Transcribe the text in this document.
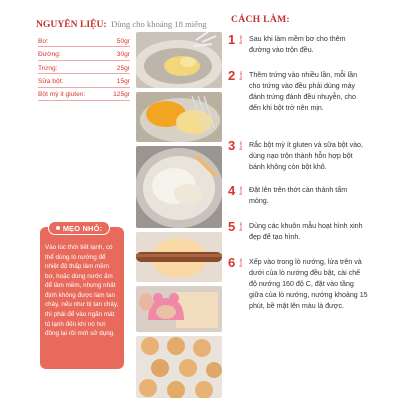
NGUYÊN LIỆU: Dùng cho khoảng 18 miếng
Bơ:	50gr
Đường:	30gr
Trứng:	25gr
Sữa bột:	15gr
Bột mỳ it gluten:	125gr
MẸO NHỎ:
Vào lúc thời tiết lạnh, có thể dùng lò nướng để nhiệt độ thấp làm mềm bơ, hoặc dùng nước ấm để làm mềm, nhưng nhất định không được làm tan chảy, nếu như bị tan chảy, thì phải để vào ngăn mát tủ lạnh đến khi nó hơi đông lại rồi mới sử dụng.
CÁCH LÀM:
1 Bước Sau khi làm mềm bơ cho thêm đường vào trộn đều.
2 Bước Thêm trứng vào nhiều lần, mỗi lần cho trứng vào đều phải dùng máy đánh trứng đánh đều nhuyễn, cho đến khi bột trở nên mịn.
3 Bước Rắc bột mỳ ít gluten và sữa bột vào, dùng nạo trộn thành hỗn hợp bột bánh không còn bột khô.
4 Bước Đặt lên trên thớt cán thành tấm mỏng.
5 Bước Dùng các khuôn mẫu hoạt hình xinh đẹp để tạo hình.
6 Bước Xếp vào trong lò nướng, lửa trên và dưới của lò nướng đều bật, cài chế độ nướng 160 độ C, đặt vào tầng giữa của lò nướng, nướng khoảng 15 phút, bề mặt lên màu là được.
